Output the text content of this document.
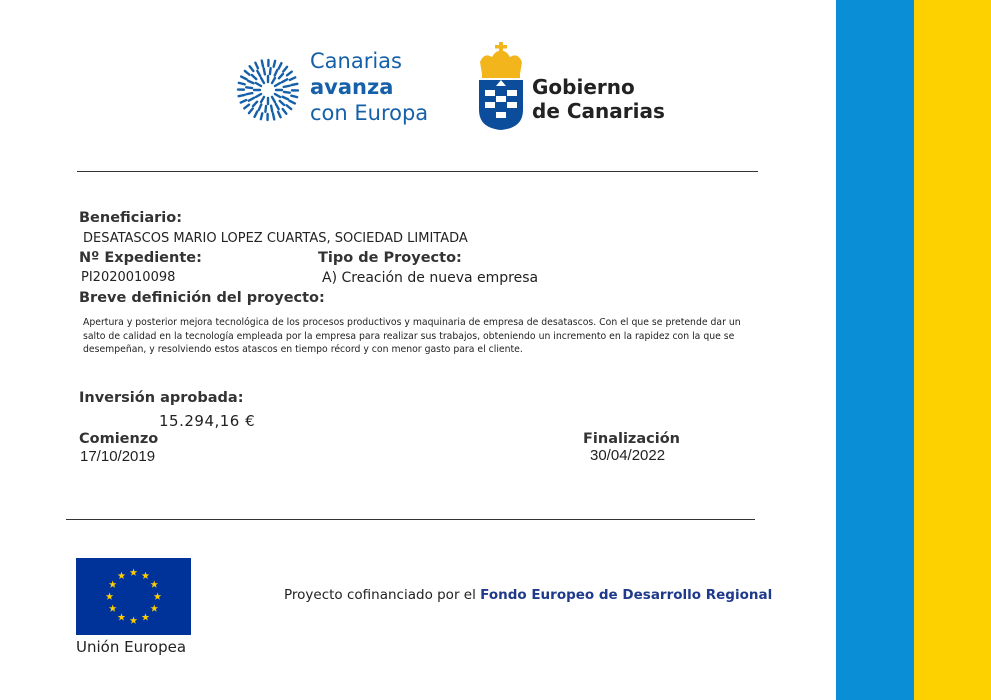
Canarias
avanza
con Europa
Gobierno
de Canarias
Beneficiario:
DESATASCOS MARIO LOPEZ CUARTAS, SOCIEDAD LIMITADA
Nº Expediente:
PI2020010098
Tipo de Proyecto:
A) Creación de nueva empresa
Breve definición del proyecto:
Apertura y posterior mejora tecnológica de los procesos productivos y maquinaria de empresa de desatascos. Con el que se pretende dar un salto de calidad en la tecnología empleada por la empresa para realizar sus trabajos, obteniendo un incremento en la rapidez con la que se desempeñan, y resolviendo estos atascos en tiempo récord y con menor gasto para el cliente.
Inversión aprobada:
15.294,16 €
Comienzo
17/10/2019
Finalización
30/04/2022
Unión Europea
Proyecto cofinanciado por el Fondo Europeo de Desarrollo Regional
